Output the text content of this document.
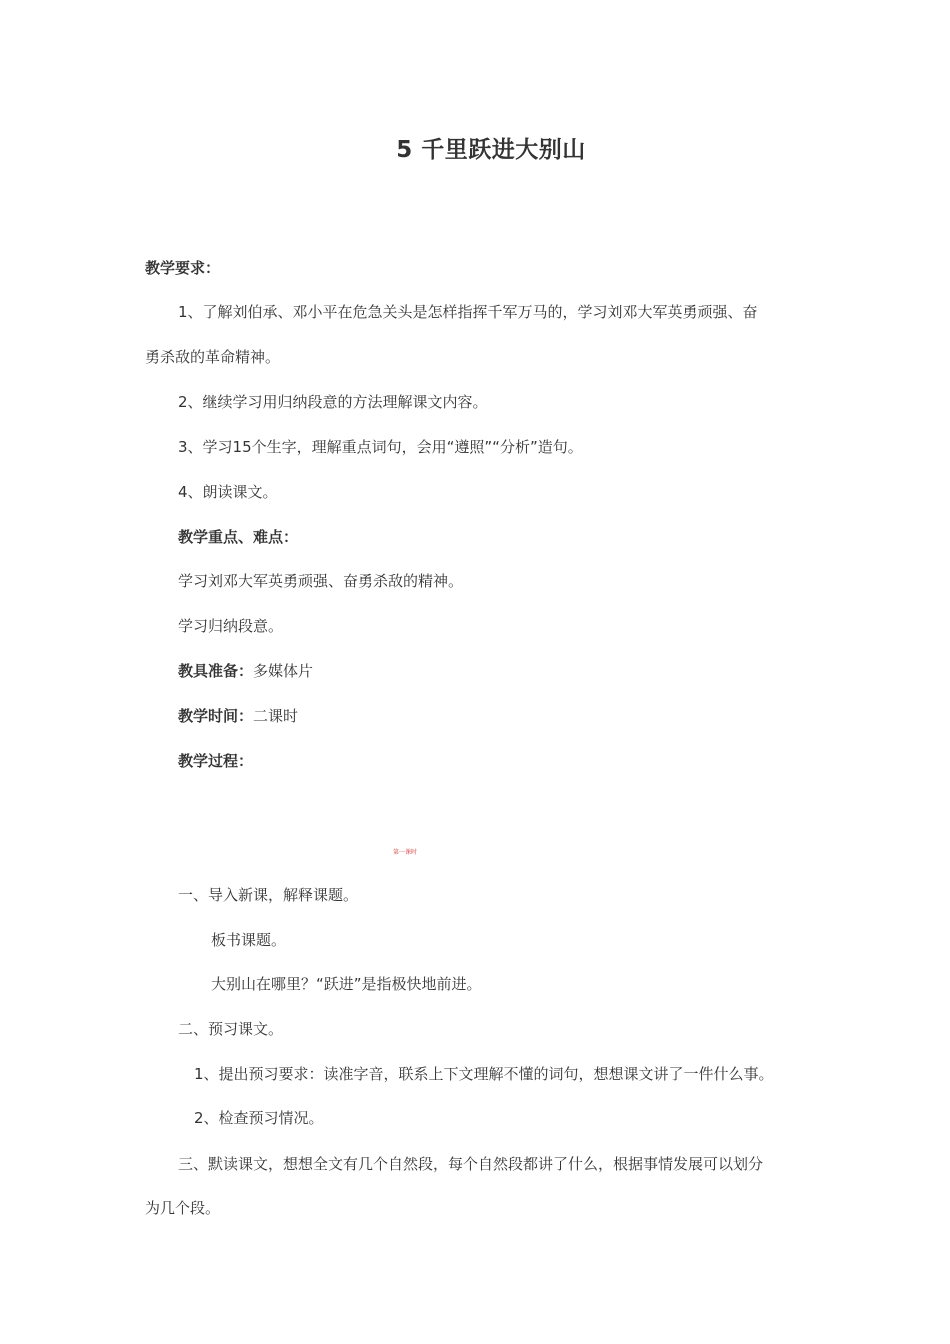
5 千里跃进大别山
教学要求：
1、了解刘伯承、邓小平在危急关头是怎样指挥千军万马的，学习刘邓大军英勇顽强、奋
勇杀敌的革命精神。
2、继续学习用归纳段意的方法理解课文内容。
3、学习15个生字，理解重点词句，会用“遵照”“分析”造句。
4、朗读课文。
教学重点、难点：
学习刘邓大军英勇顽强、奋勇杀敌的精神。
学习归纳段意。
教具准备：多媒体片
教学时间：二课时
教学过程：
第一课时
一、导入新课，解释课题。
板书课题。
大别山在哪里？“跃进”是指极快地前进。
二、预习课文。
1、提出预习要求：读准字音，联系上下文理解不懂的词句，想想课文讲了一件什么事。
2、检查预习情况。
三、默读课文，想想全文有几个自然段，每个自然段都讲了什么，根据事情发展可以划分
为几个段。
